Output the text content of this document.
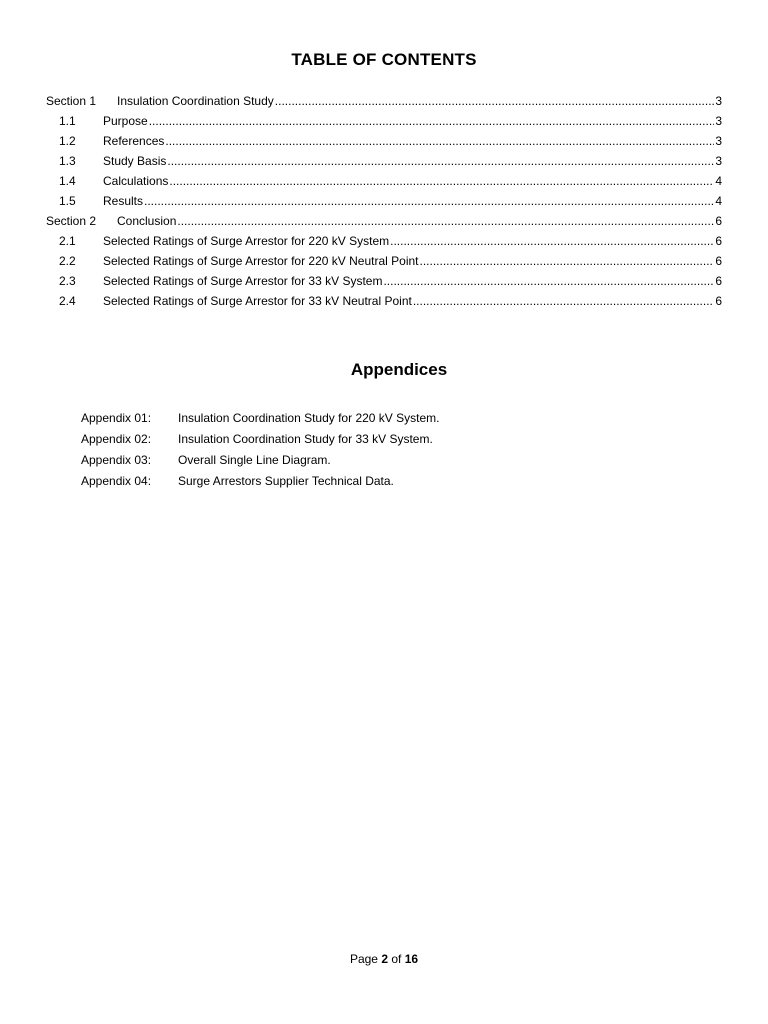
TABLE OF CONTENTS
Section 1	Insulation Coordination Study .....	3
1.1	Purpose .....	3
1.2	References .....	3
1.3	Study Basis .....	3
1.4	Calculations .....	4
1.5	Results .....	4
Section 2	Conclusion .....	6
2.1	Selected Ratings of Surge Arrestor for 220 kV System .....	6
2.2	Selected Ratings of Surge Arrestor for 220 kV Neutral Point .....	6
2.3	Selected Ratings of Surge Arrestor for 33 kV System .....	6
2.4	Selected Ratings of Surge Arrestor for 33 kV Neutral Point .....	6
Appendices
Appendix 01:	Insulation Coordination Study for 220 kV System.
Appendix 02:	Insulation Coordination Study for 33 kV System.
Appendix 03:	Overall Single Line Diagram.
Appendix 04:	Surge Arrestors Supplier Technical Data.
Page 2 of 16
